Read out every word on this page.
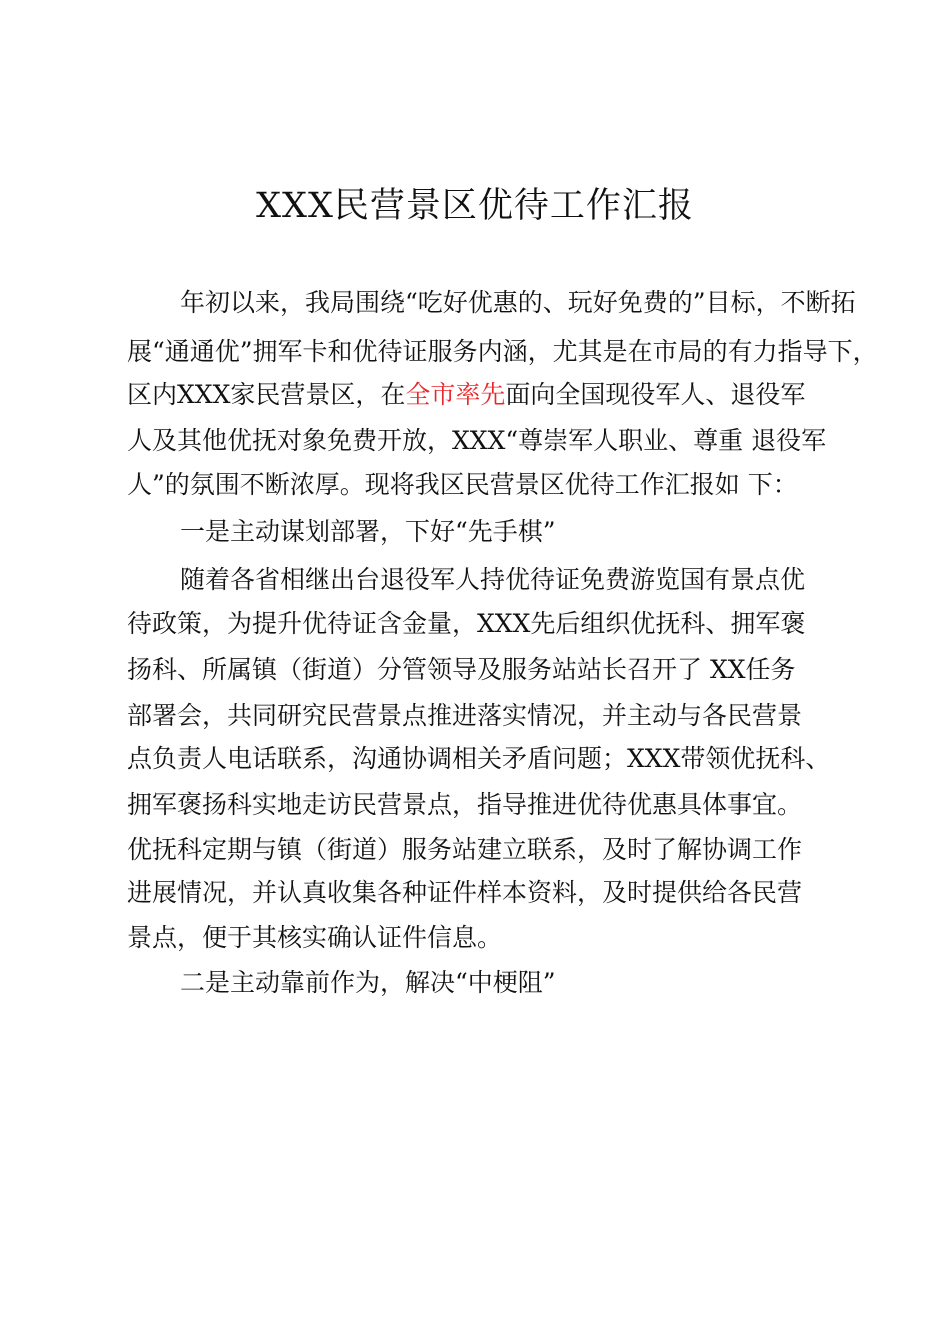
XXX民营景区优待工作汇报
年初以来，我局围绕“吃好优惠的、玩好免费的”目标，不断拓
展“通通优”拥军卡和优待证服务内涵，尤其是在市局的有力指导下，
区内XXX家民营景区，在全市率先面向全国现役军人、退役军
人及其他优抚对象免费开放，XXX“尊崇军人职业、尊重 退役军
人”的氛围不断浓厚。现将我区民营景区优待工作汇报如 下：
一是主动谋划部署，下好“先手棋”
随着各省相继出台退役军人持优待证免费游览国有景点优
待政策，为提升优待证含金量，XXX先后组织优抚科、拥军褒
扬科、所属镇（街道）分管领导及服务站站长召开了 XX任务
部署会，共同研究民营景点推进落实情况，并主动与各民营景
点负责人电话联系，沟通协调相关矛盾问题；XXX带领优抚科、
拥军褒扬科实地走访民营景点，指导推进优待优惠具体事宜。
优抚科定期与镇（街道）服务站建立联系，及时了解协调工作
进展情况，并认真收集各种证件样本资料，及时提供给各民营
景点，便于其核实确认证件信息。
二是主动靠前作为，解决“中梗阻”
